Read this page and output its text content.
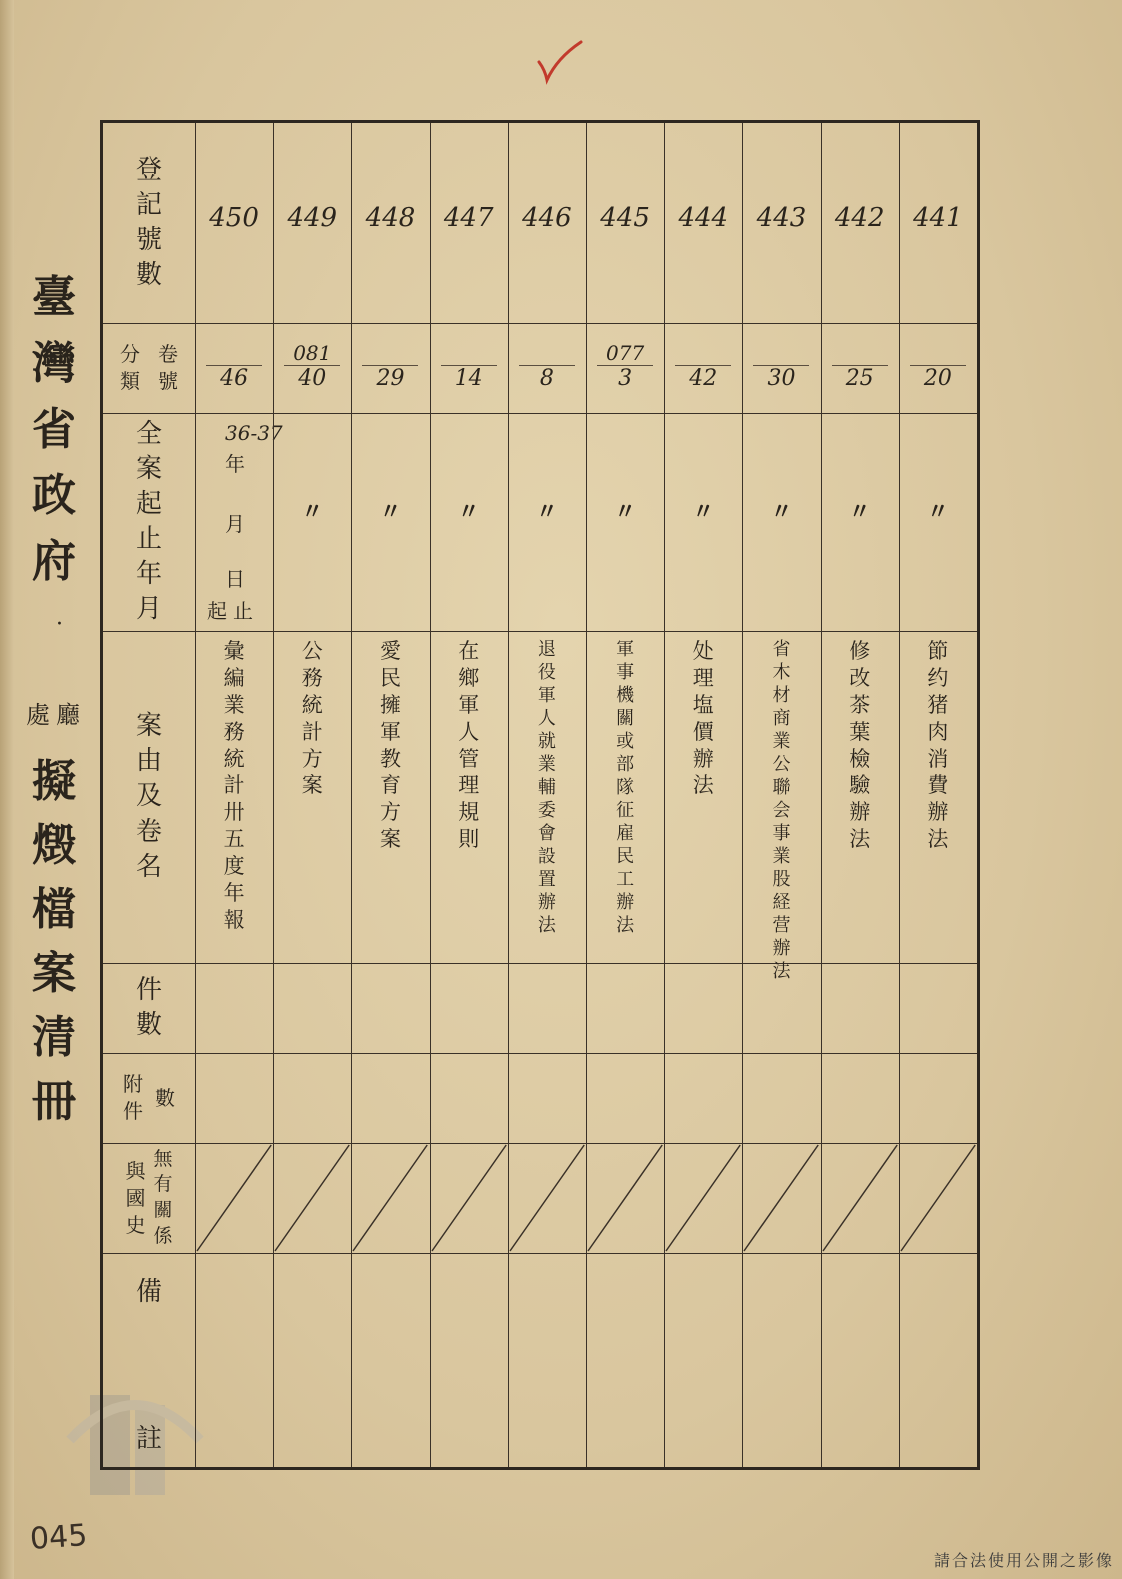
臺
灣
省
政
府
·
處 廳
擬
燬
檔
案
清
冊
045
請合法使用公開之影像
登
記
號
數
分
類
卷
號
全
案
起
止
年
月
案
由
及
卷
名
件
數
附
件
數
與
國
史
無
有
關
係
備
註
36-37
年
月
日
起止
450
46
彙
編
業
務
統
計
卅
五
度
年
報
449
081
40
〃
公
務
統
計
方
案
448
29
〃
愛
民
擁
軍
教
育
方
案
447
14
〃
在
鄉
軍
人
管
理
規
則
446
8
〃
退
役
軍
人
就
業
輔
委
會
設
置
辦
法
445
077
3
〃
軍
事
機
關
或
部
隊
征
雇
民
工
辦
法
444
42
〃
处
理
塩
價
辦
法
443
30
〃
省
木
材
商
業
公
聯
会
事
業
股
経
营
辦
法
442
25
〃
修
改
茶
葉
檢
驗
辦
法
441
20
〃
節
约
猪
肉
消
費
辦
法
